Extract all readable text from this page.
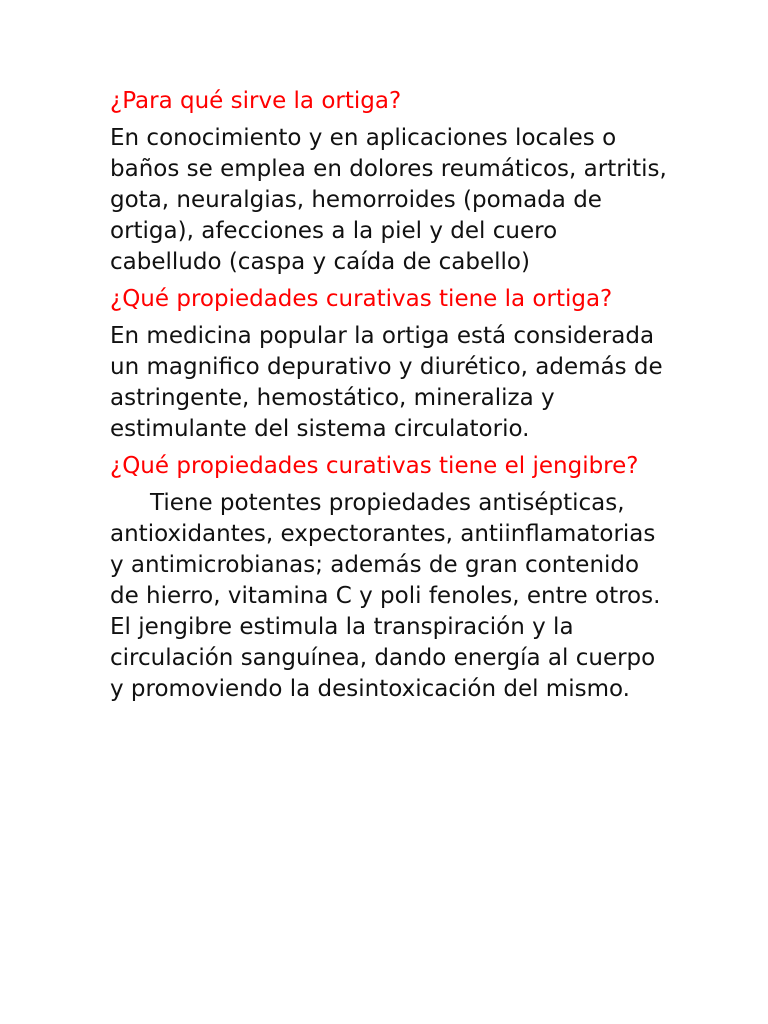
¿Para qué sirve la ortiga?

En conocimiento y en aplicaciones locales o baños se emplea en dolores reumáticos, artritis, gota, neuralgias, hemorroides (pomada de ortiga), afecciones a la piel y del cuero cabelludo (caspa y caída de cabello)

¿Qué propiedades curativas tiene la ortiga?

En medicina popular la ortiga está considerada un magnifico depurativo y diurético, además de astringente, hemostático, mineraliza y estimulante del sistema circulatorio.

¿Qué propiedades curativas tiene el jengibre?

Tiene potentes propiedades antisépticas, antioxidantes, expectorantes, antiinflamatorias y antimicrobianas; además de gran contenido de hierro, vitamina C y poli fenoles, entre otros. El jengibre estimula la transpiración y la circulación sanguínea, dando energía al cuerpo y promoviendo la desintoxicación del mismo.
